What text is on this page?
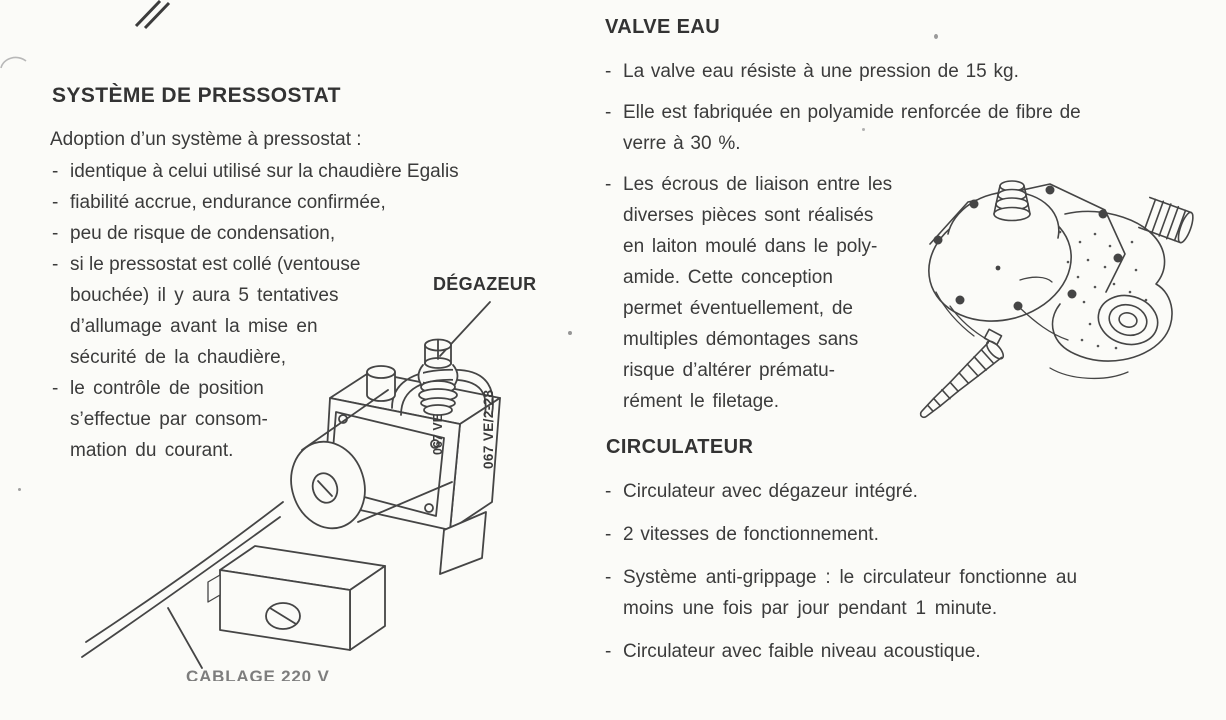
SYSTÈME DE PRESSOSTAT
Adoption d’un système à pressostat :
- identique à celui utilisé sur la chaudière Egalis
- fiabilité accrue, endurance confirmée,
- peu de risque de condensation,
- si le pressostat est collé (ventouse
bouchée) il y aura 5 tentatives
d’allumage avant la mise en
sécurité de la chaudière,
- le contrôle de position
s’effectue par consom-
mation du courant.
DÉGAZEUR
067 VE	067 VE/2-28
CABLAGE 220 V
VALVE EAU
- La valve eau résiste à une pression de 15 kg.
- Elle est fabriquée en polyamide renforcée de fibre de
verre à 30 %.
- Les écrous de liaison entre les
diverses pièces sont réalisés
en laiton moulé dans le poly-
amide. Cette conception
permet éventuellement, de
multiples démontages sans
risque d’altérer prématu-
rément le filetage.
CIRCULATEUR
- Circulateur avec dégazeur intégré.
- 2 vitesses de fonctionnement.
- Système anti-grippage : le circulateur fonctionne au
moins une fois par jour pendant 1 minute.
- Circulateur avec faible niveau acoustique.
